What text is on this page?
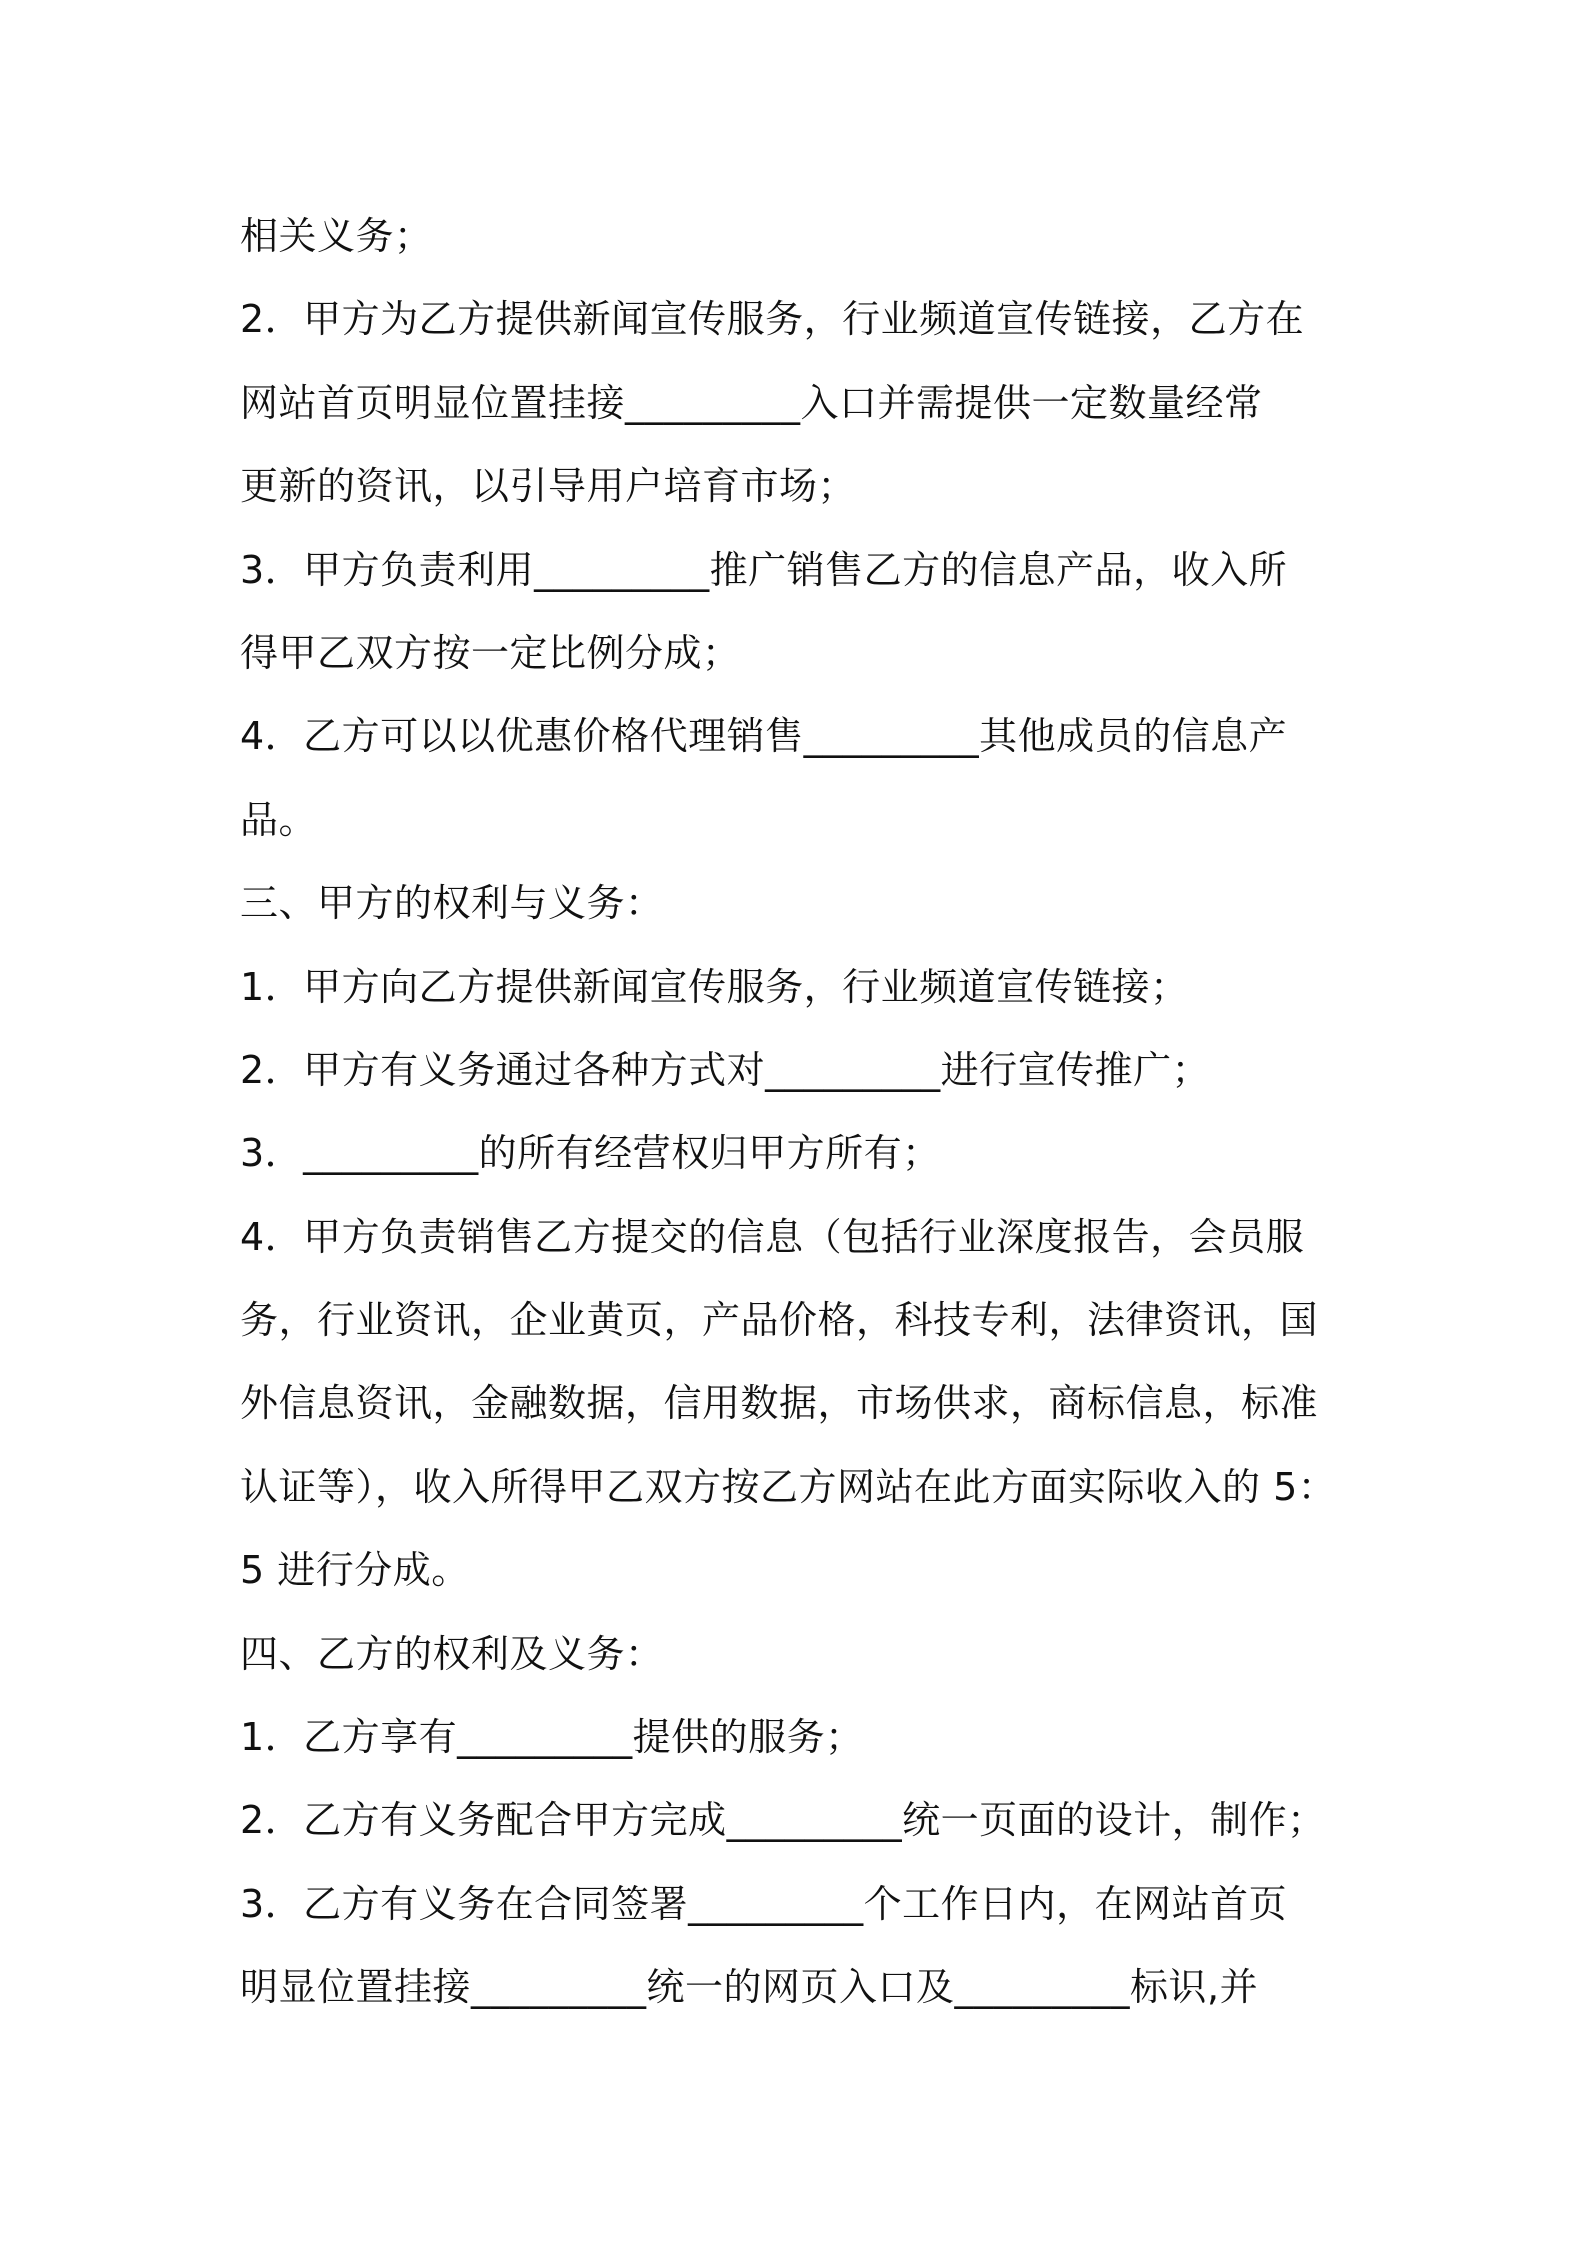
相关义务；
2．甲方为乙方提供新闻宣传服务，行业频道宣传链接，乙方在
网站首页明显位置挂接_________入口并需提供一定数量经常
更新的资讯，以引导用户培育市场；
3．甲方负责利用_________推广销售乙方的信息产品，收入所
得甲乙双方按一定比例分成；
4．乙方可以以优惠价格代理销售_________其他成员的信息产
品。
三、甲方的权利与义务：
1．甲方向乙方提供新闻宣传服务，行业频道宣传链接；
2．甲方有义务通过各种方式对_________进行宣传推广；
3．_________的所有经营权归甲方所有；
4．甲方负责销售乙方提交的信息（包括行业深度报告，会员服
务，行业资讯，企业黄页，产品价格，科技专利，法律资讯，国
外信息资讯，金融数据，信用数据，市场供求，商标信息，标准
认证等），收入所得甲乙双方按乙方网站在此方面实际收入的 5：
5 进行分成。
四、乙方的权利及义务：
1．乙方享有_________提供的服务；
2．乙方有义务配合甲方完成_________统一页面的设计，制作；
3．乙方有义务在合同签署_________个工作日内，在网站首页
明显位置挂接_________统一的网页入口及_________标识,并
